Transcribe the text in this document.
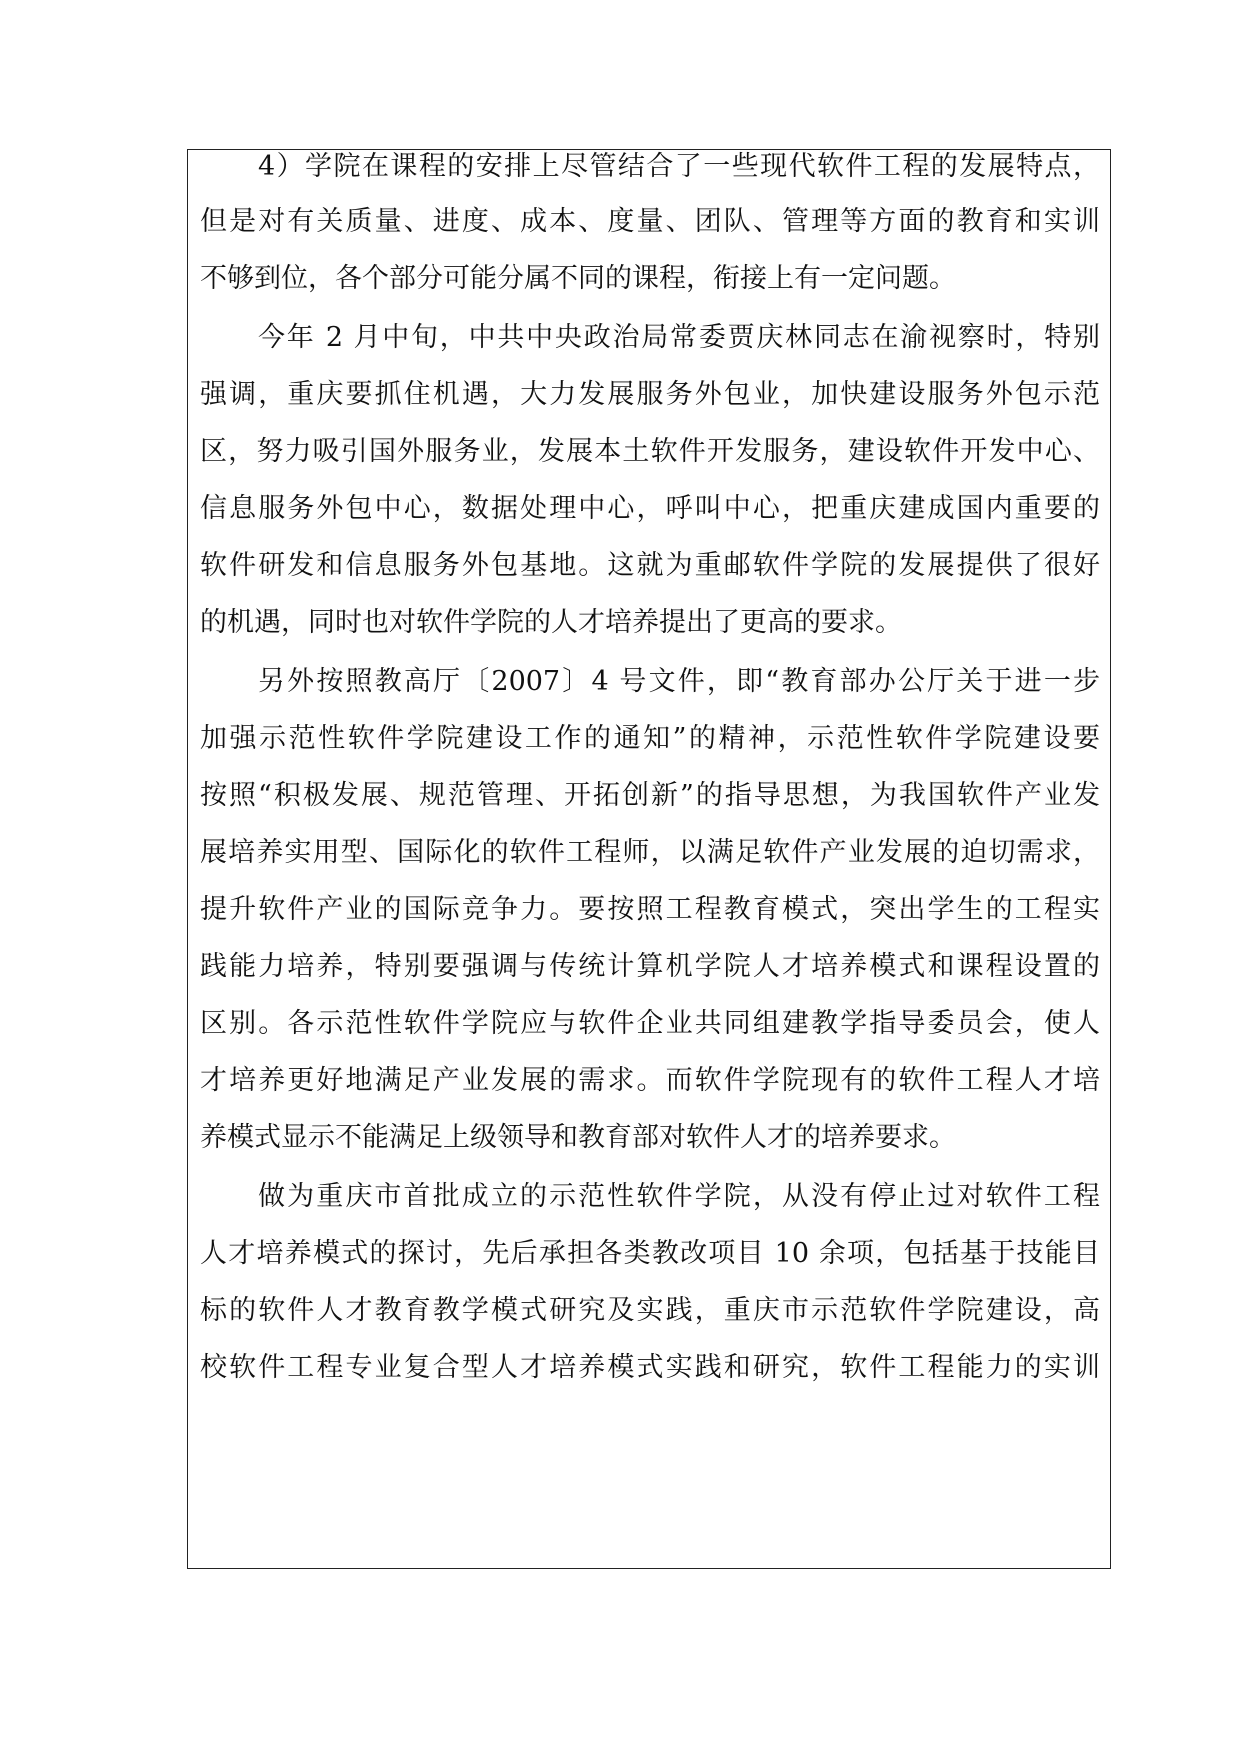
4）学院在课程的安排上尽管结合了一些现代软件工程的发展特点，
但是对有关质量、进度、成本、度量、团队、管理等方面的教育和实训
不够到位，各个部分可能分属不同的课程，衔接上有一定问题。
今年 2 月中旬，中共中央政治局常委贾庆林同志在渝视察时，特别
强调，重庆要抓住机遇，大力发展服务外包业，加快建设服务外包示范
区，努力吸引国外服务业，发展本土软件开发服务，建设软件开发中心、
信息服务外包中心，数据处理中心，呼叫中心，把重庆建成国内重要的
软件研发和信息服务外包基地。这就为重邮软件学院的发展提供了很好
的机遇，同时也对软件学院的人才培养提出了更高的要求。
另外按照教高厅〔2007〕4 号文件，即“教育部办公厅关于进一步
加强示范性软件学院建设工作的通知”的精神，示范性软件学院建设要
按照“积极发展、规范管理、开拓创新”的指导思想，为我国软件产业发
展培养实用型、国际化的软件工程师，以满足软件产业发展的迫切需求，
提升软件产业的国际竞争力。要按照工程教育模式，突出学生的工程实
践能力培养，特别要强调与传统计算机学院人才培养模式和课程设置的
区别。各示范性软件学院应与软件企业共同组建教学指导委员会，使人
才培养更好地满足产业发展的需求。而软件学院现有的软件工程人才培
养模式显示不能满足上级领导和教育部对软件人才的培养要求。
做为重庆市首批成立的示范性软件学院，从没有停止过对软件工程
人才培养模式的探讨，先后承担各类教改项目 10 余项，包括基于技能目
标的软件人才教育教学模式研究及实践，重庆市示范软件学院建设，高
校软件工程专业复合型人才培养模式实践和研究，软件工程能力的实训
